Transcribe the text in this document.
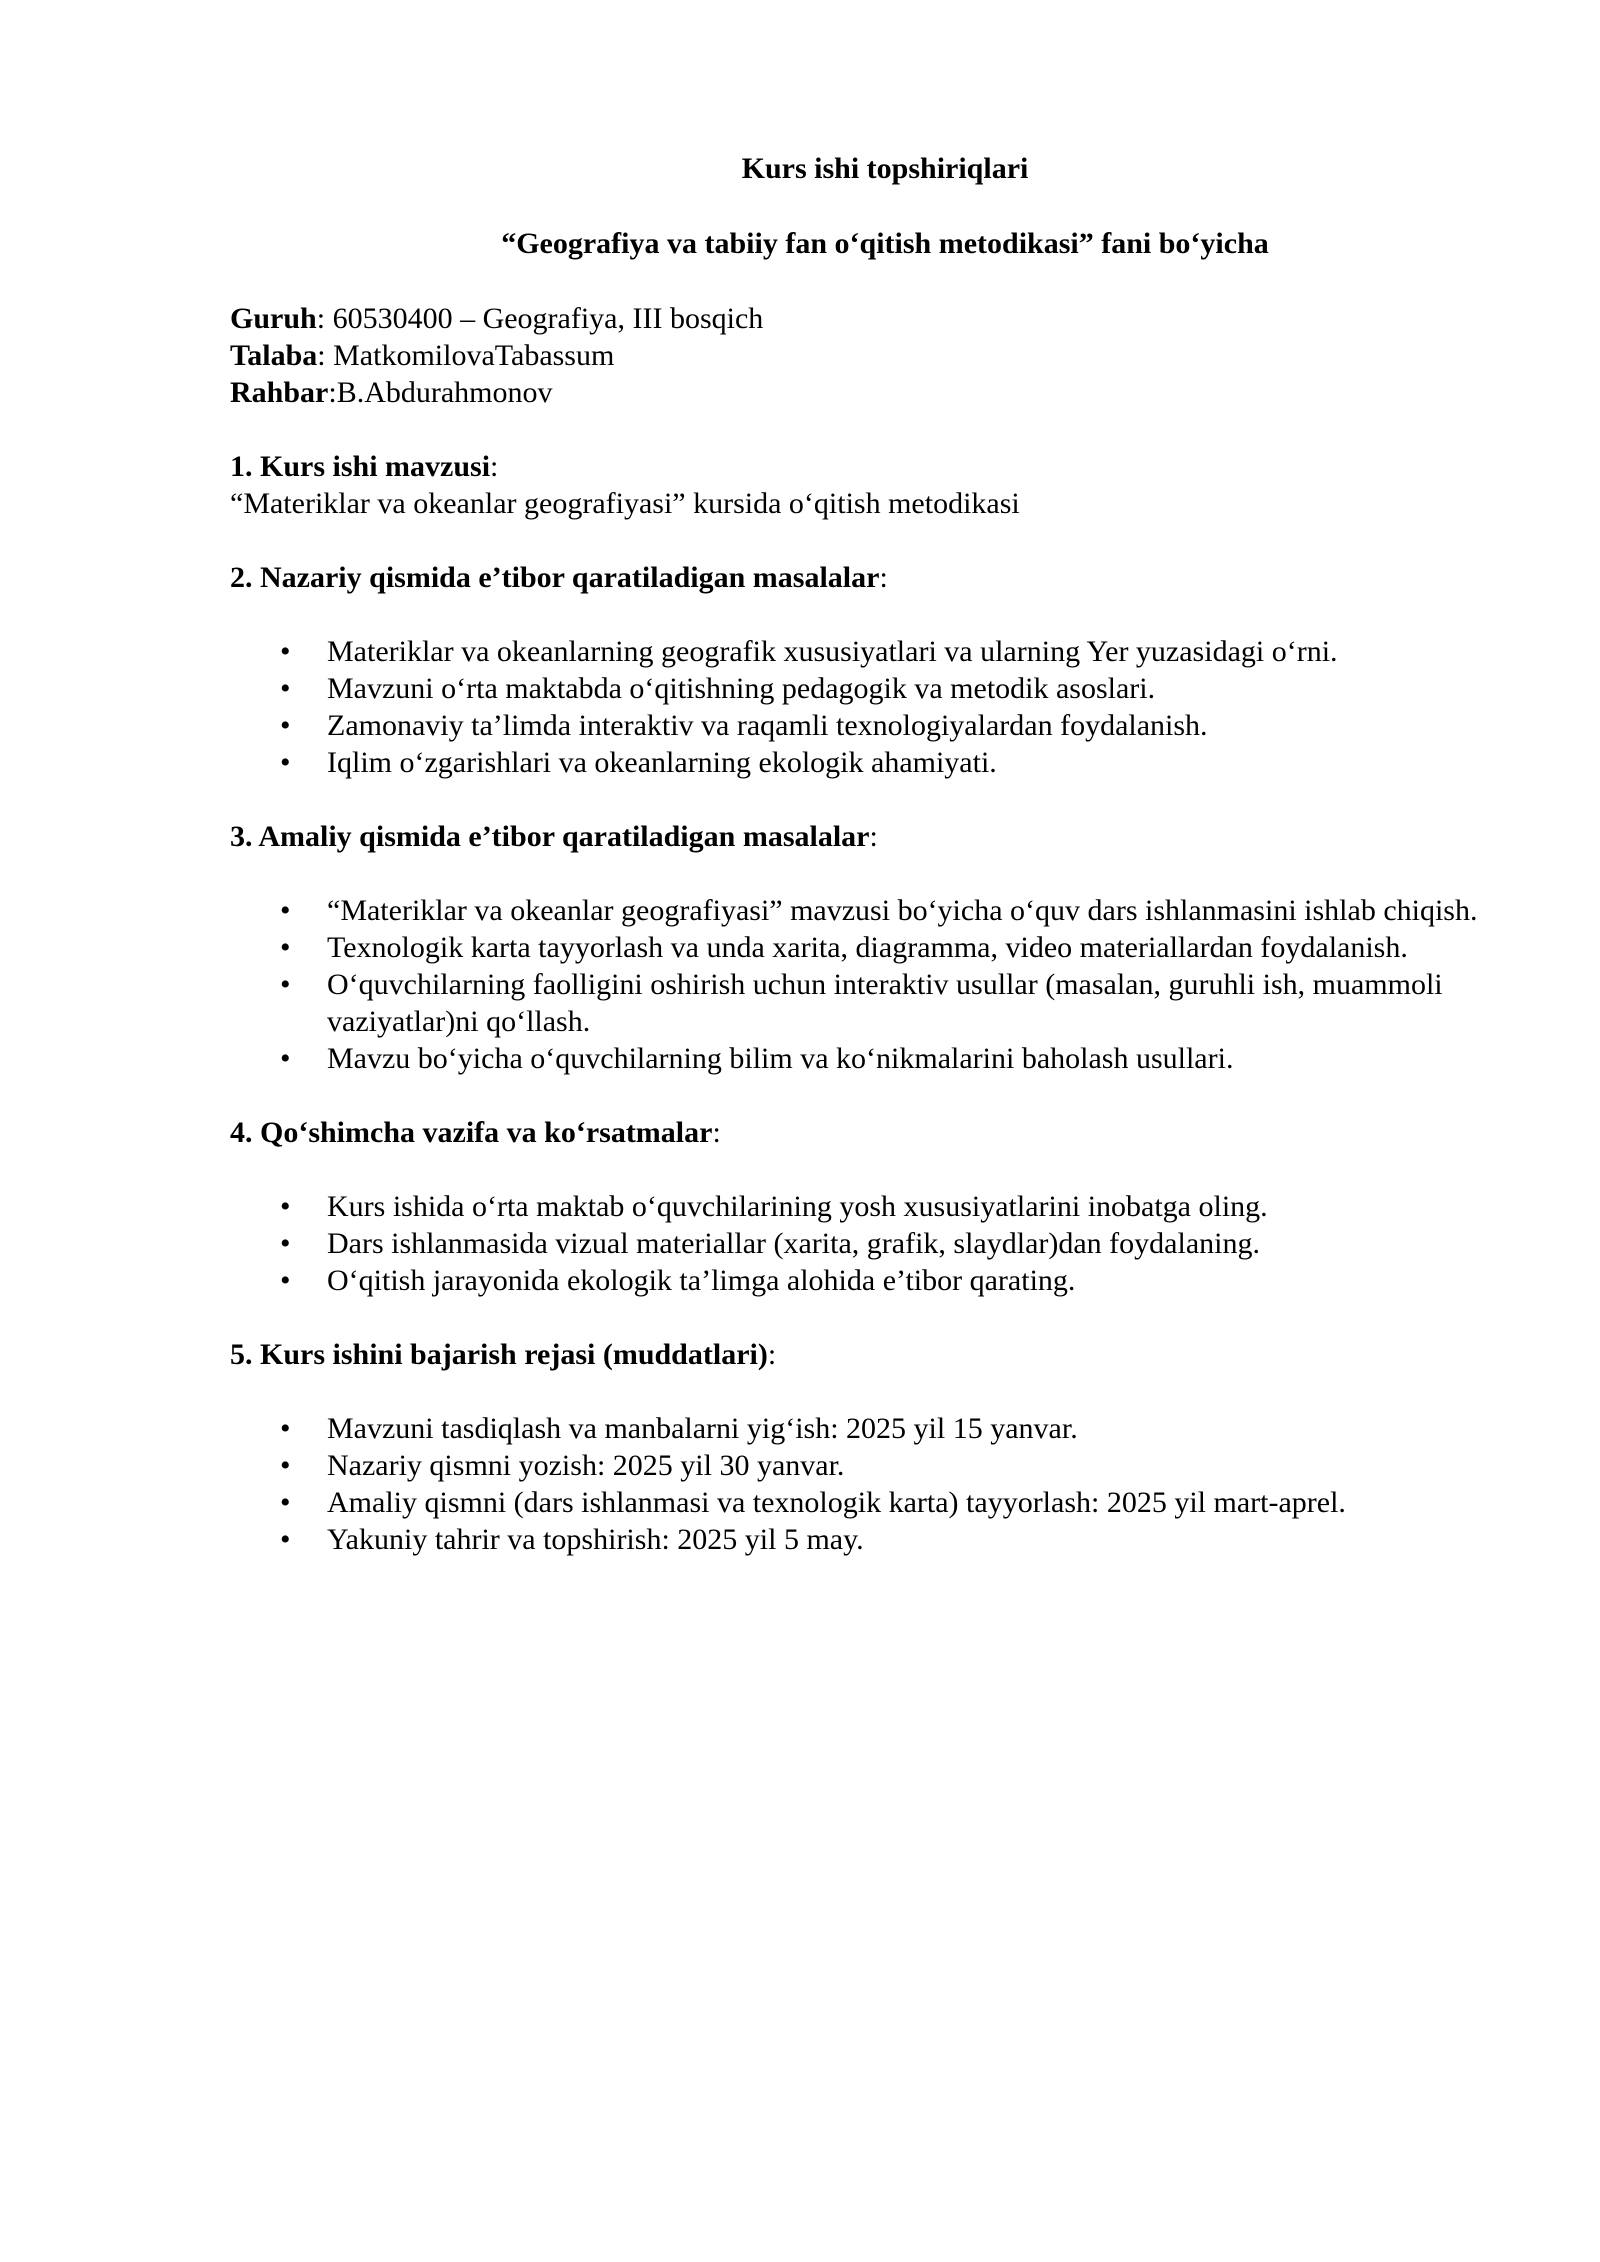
Kurs ishi topshiriqlari

“Geografiya va tabiiy fan o‘qitish metodikasi” fani bo‘yicha

Guruh: 60530400 – Geografiya, III bosqich

Talaba: MatkomilovaTabassum

Rahbar:B.Abdurahmonov

1. Kurs ishi mavzusi:

“Materiklar va okeanlar geografiyasi” kursida o‘qitish metodikasi

2. Nazariy qismida e’tibor qaratiladigan masalalar:

• Materiklar va okeanlarning geografik xususiyatlari va ularning Yer yuzasidagi o‘rni.
• Mavzuni o‘rta maktabda o‘qitishning pedagogik va metodik asoslari.
• Zamonaviy ta’limda interaktiv va raqamli texnologiyalardan foydalanish.
• Iqlim o‘zgarishlari va okeanlarning ekologik ahamiyati.

3. Amaliy qismida e’tibor qaratiladigan masalalar:

• “Materiklar va okeanlar geografiyasi” mavzusi bo‘yicha o‘quv dars ishlanmasini ishlab chiqish.
• Texnologik karta tayyorlash va unda xarita, diagramma, video materiallardan foydalanish.
• O‘quvchilarning faolligini oshirish uchun interaktiv usullar (masalan, guruhli ish, muammoli vaziyatlar)ni qo‘llash.
• Mavzu bo‘yicha o‘quvchilarning bilim va ko‘nikmalarini baholash usullari.

4. Qo‘shimcha vazifa va ko‘rsatmalar:

• Kurs ishida o‘rta maktab o‘quvchilarining yosh xususiyatlarini inobatga oling.
• Dars ishlanmasida vizual materiallar (xarita, grafik, slaydlar)dan foydalaning.
• O‘qitish jarayonida ekologik ta’limga alohida e’tibor qarating.

5. Kurs ishini bajarish rejasi (muddatlari):

• Mavzuni tasdiqlash va manbalarni yig‘ish: 2025 yil 15 yanvar.
• Nazariy qismni yozish: 2025 yil 30 yanvar.
• Amaliy qismni (dars ishlanmasi va texnologik karta) tayyorlash: 2025 yil mart-aprel.
• Yakuniy tahrir va topshirish: 2025 yil 5 may.
